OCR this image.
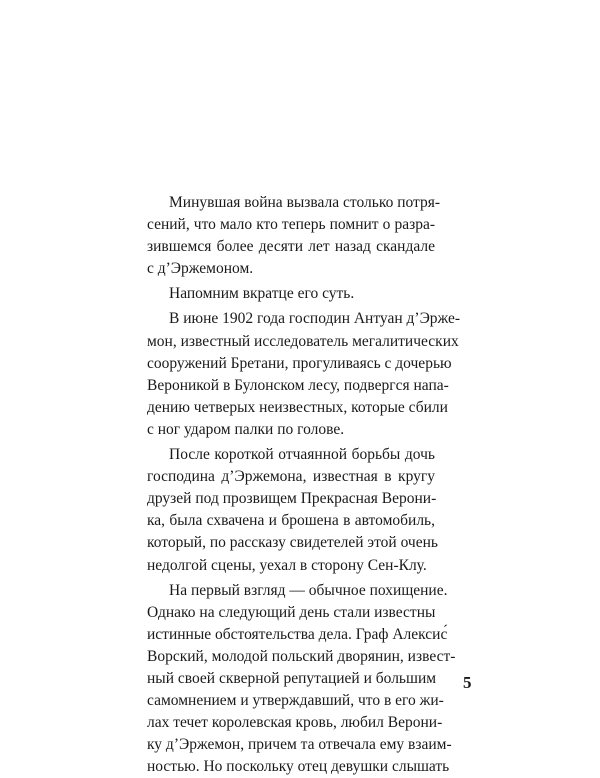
Минувшая война вызвала столько потря-
сений, что мало кто теперь помнит о разра-
зившемся более десяти лет назад скандале
с д’Эржемоном.
Напомним вкратце его суть.
В июне 1902 года господин Антуан д’Эрже-
мон, известный исследователь мегалитических
сооружений Бретани, прогуливаясь с дочерью
Вероникой в Булонском лесу, подвергся напа-
дению четверых неизвестных, которые сбили
с ног ударом палки по голове.
После короткой отчаянной борьбы дочь
господина д’Эржемона, известная в кругу
друзей под прозвищем Прекрасная Верони-
ка, была схвачена и брошена в автомобиль,
который, по рассказу свидетелей этой очень
недолгой сцены, уехал в сторону Сен-Клу.
На первый взгляд — обычное похищение.
Однако на следующий день стали известны
истинные обстоятельства дела. Граф Алексис́
Ворский, молодой польский дворянин, извест-
ный своей скверной репутацией и большим
самомнением и утверждавший, что в его жи-
лах течет королевская кровь, любил Верони-
ку д’Эржемон, причем та отвечала ему взаим-
ностью. Но поскольку отец девушки слышать
5
